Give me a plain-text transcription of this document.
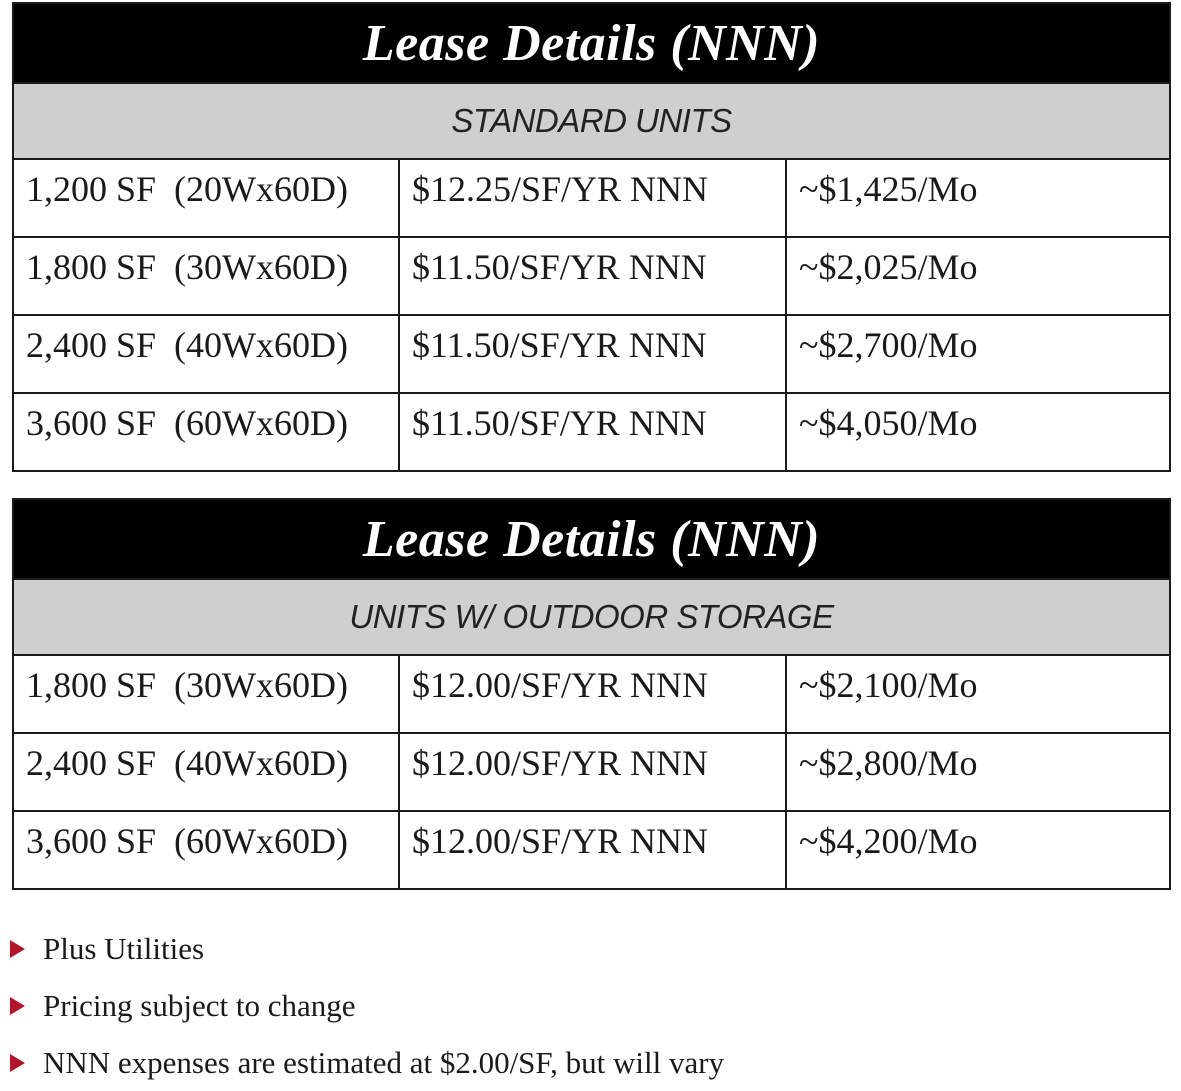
Lease Details (NNN)
STANDARD UNITS
1,200 SF  (20Wx60D)	$12.25/SF/YR NNN	~$1,425/Mo
1,800 SF  (30Wx60D)	$11.50/SF/YR NNN	~$2,025/Mo
2,400 SF  (40Wx60D)	$11.50/SF/YR NNN	~$2,700/Mo
3,600 SF  (60Wx60D)	$11.50/SF/YR NNN	~$4,050/Mo
Lease Details (NNN)
UNITS W/ OUTDOOR STORAGE
1,800 SF  (30Wx60D)	$12.00/SF/YR NNN	~$2,100/Mo
2,400 SF  (40Wx60D)	$12.00/SF/YR NNN	~$2,800/Mo
3,600 SF  (60Wx60D)	$12.00/SF/YR NNN	~$4,200/Mo
Plus Utilities
Pricing subject to change
NNN expenses are estimated at $2.00/SF, but will vary
